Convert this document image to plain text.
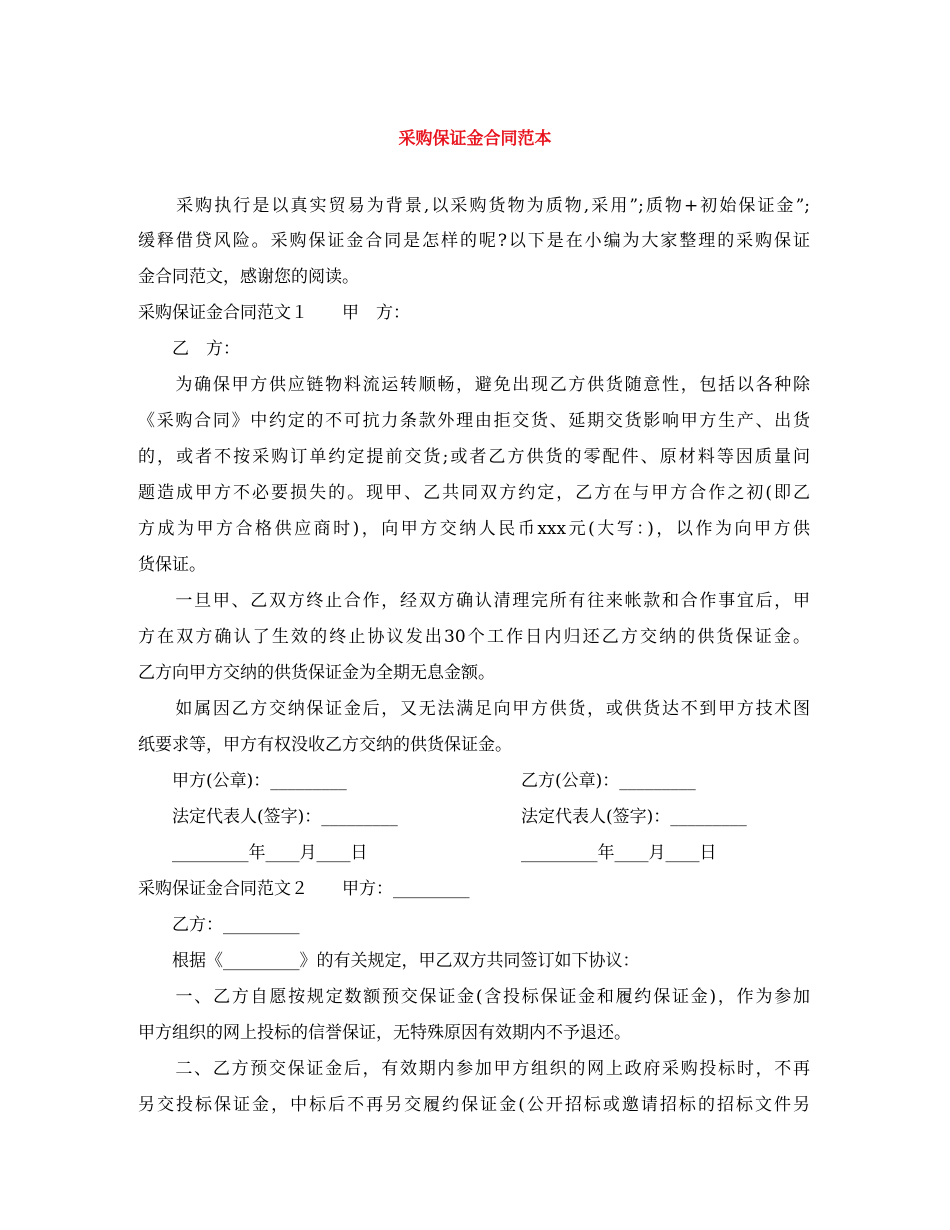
采购保证金合同范本
　　采购执行是以真实贸易为背景,以采购货物为质物,采用”;质物+初始保证金”;
缓释借贷风险。采购保证金合同是怎样的呢?以下是在小编为大家整理的采购保证
金合同范文，感谢您的阅读。
采购保证金合同范文１　　甲　方：
　　乙　方：
　　为确保甲方供应链物料流运转顺畅，避免出现乙方供货随意性，包括以各种除
《采购合同》中约定的不可抗力条款外理由拒交货、延期交货影响甲方生产、出货
的，或者不按采购订单约定提前交货;或者乙方供货的零配件、原材料等因质量问
题造成甲方不必要损失的。现甲、乙共同双方约定，乙方在与甲方合作之初(即乙
方成为甲方合格供应商时)，向甲方交纳人民币xxx元(大写：)，以作为向甲方供
货保证。
　　一旦甲、乙双方终止合作，经双方确认清理完所有往来帐款和合作事宜后，甲
方在双方确认了生效的终止协议发出30个工作日内归还乙方交纳的供货保证金。
乙方向甲方交纳的供货保证金为全期无息金额。
　　如属因乙方交纳保证金后，又无法满足向甲方供货，或供货达不到甲方技术图
纸要求等，甲方有权没收乙方交纳的供货保证金。
　　甲方(公章)：_________	乙方(公章)：_________
　　法定代表人(签字)：_________	法定代表人(签字)：_________
　　_________年____月____日	_________年____月____日
采购保证金合同范文２　　甲方：_________
　　乙方：_________
　　根据《_________》的有关规定，甲乙双方共同签订如下协议：
　　一、乙方自愿按规定数额预交保证金(含投标保证金和履约保证金)，作为参加
甲方组织的网上投标的信誉保证，无特殊原因有效期内不予退还。
　　二、乙方预交保证金后，有效期内参加甲方组织的网上政府采购投标时，不再
另交投标保证金，中标后不再另交履约保证金(公开招标或邀请招标的招标文件另
